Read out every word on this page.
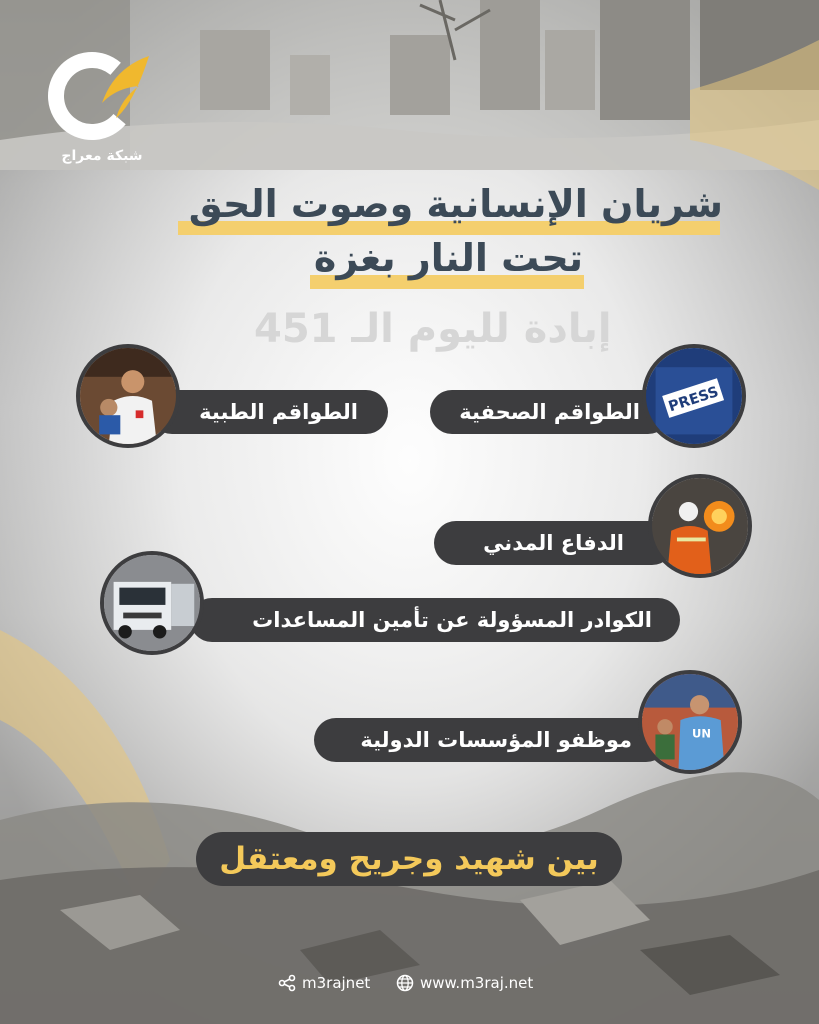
شبكة معراج
شريان الإنسانية وصوت الحق
تحت النار بغزة
إبادة لليوم الـ 451
الطواقم الصحفية PRESS
الطواقم الطبية
الدفاع المدني
الكوادر المسؤولة عن تأمين المساعدات
موظفو المؤسسات الدولية	UN
بين شهيد وجريح ومعتقل
m3rajnet	www.m3raj.net
